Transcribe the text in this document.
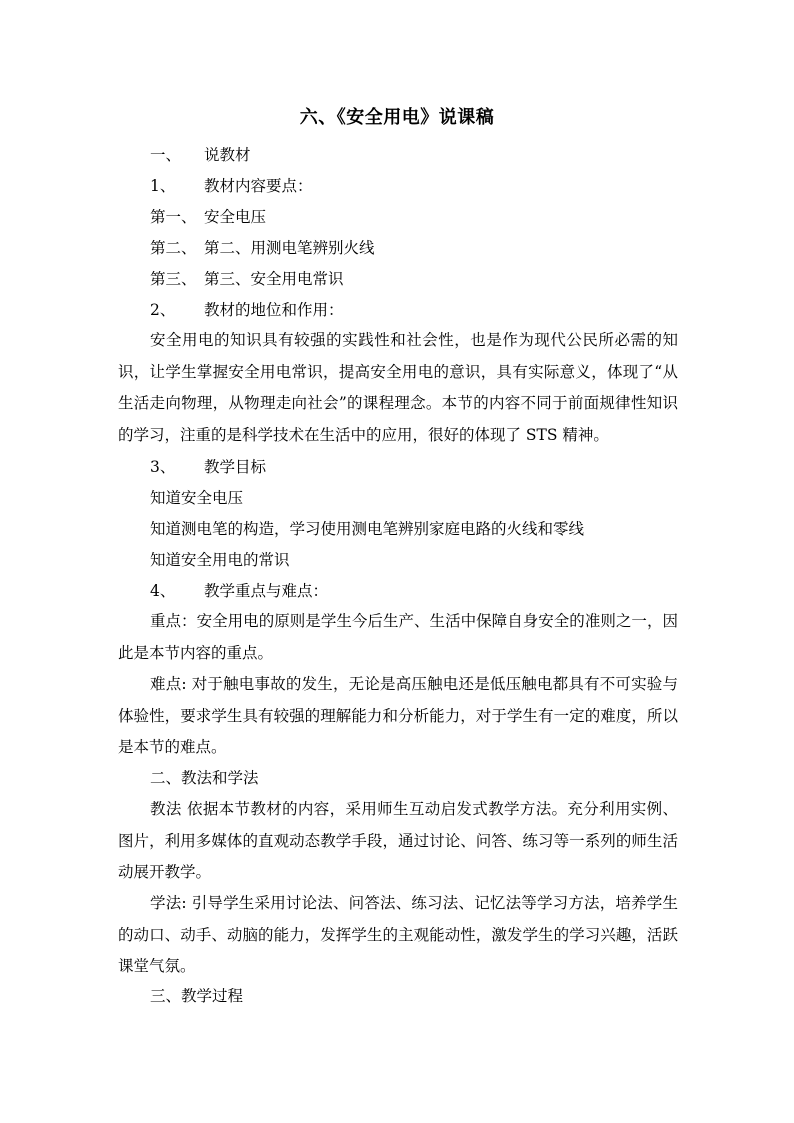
六、《安全用电》说课稿
一、 说教材
1、 教材内容要点：
第一、 安全电压
第二、 第二、用测电笔辨别火线
第三、 第三、安全用电常识
2、 教材的地位和作用：
安全用电的知识具有较强的实践性和社会性，也是作为现代公民所必需的知识，让学生掌握安全用电常识，提高安全用电的意识，具有实际意义，体现了“从生活走向物理，从物理走向社会”的课程理念。本节的内容不同于前面规律性知识的学习，注重的是科学技术在生活中的应用，很好的体现了 STS 精神。
3、 教学目标
知道安全电压
知道测电笔的构造，学习使用测电笔辨别家庭电路的火线和零线
知道安全用电的常识
4、 教学重点与难点：
重点：安全用电的原则是学生今后生产、生活中保障自身安全的准则之一，因此是本节内容的重点。
难点: 对于触电事故的发生，无论是高压触电还是低压触电都具有不可实验与体验性，要求学生具有较强的理解能力和分析能力，对于学生有一定的难度，所以是本节的难点。
二、教法和学法
教法 依据本节教材的内容，采用师生互动启发式教学方法。充分利用实例、图片，利用多媒体的直观动态教学手段，通过讨论、问答、练习等一系列的师生活动展开教学。
学法: 引导学生采用讨论法、问答法、练习法、记忆法等学习方法，培养学生的动口、动手、动脑的能力，发挥学生的主观能动性，激发学生的学习兴趣，活跃课堂气氛。
三、教学过程
